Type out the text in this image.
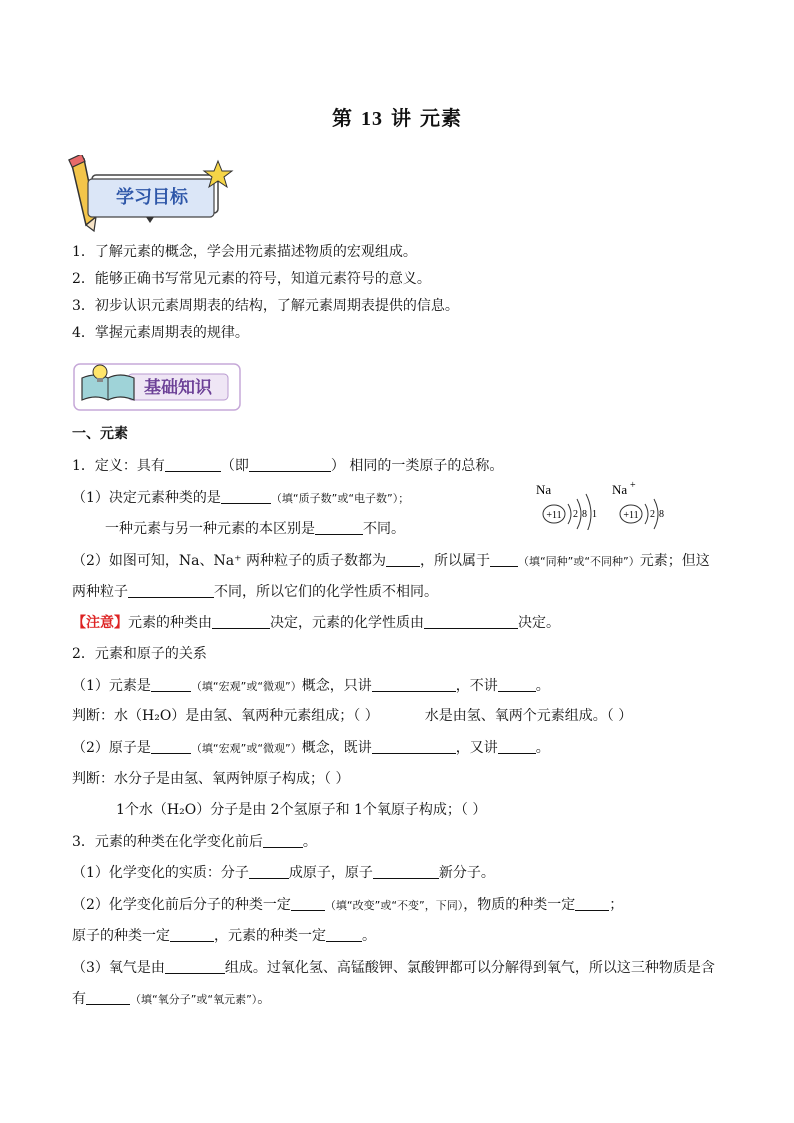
第 13 讲 元素
学习目标
1．了解元素的概念，学会用元素描述物质的宏观组成。
2．能够正确书写常见元素的符号，知道元素符号的意义。
3．初步认识元素周期表的结构，了解元素周期表提供的信息。
4．掌握元素周期表的规律。
基础知识
一、元素
1．定义：具有	（即	） 相同的一类原子的总称。
（1）决定元素种类的是	（填“质子数”或“电子数”）；
一种元素与另一种元素的本区别是	不同。
（2）如图可知，Na、Na⁺ 两种粒子的质子数都为 ，所以属于	（填“同种”或“不同种”）元素；但这
两种粒子	不同，所以它们的化学性质不相同。
【注意】元素的种类由	决定，元素的化学性质由	决定。
2．元素和原子的关系
（1）元素是	（填“宏观”或“微观”）概念，只讲	，不讲	。
判断：水（H₂O）是由氢、氧两种元素组成；（ ）	水是由氢、氧两个元素组成。（ ）
（2）原子是	（填“宏观”或“微观”）概念，既讲	，又讲	。
判断：水分子是由氢、氧两钟原子构成；（ ）
1个水（H₂O）分子是由 2个氢原子和 1个氧原子构成；（ ）
3．元素的种类在化学变化前后	。
（1）化学变化的实质：分子	成原子，原子	新分子。
（2）化学变化前后分子的种类一定	（填“改变”或“不变”，下同），物质的种类一定 ；
原子的种类一定	，元素的种类一定	。
（3）氧气是由	组成。过氧化氢、高锰酸钾、氯酸钾都可以分解得到氧气，所以这三种物质是含
有	（填“氧分子”或“氧元素”）。
Na
+11 2 8 1
Na +
+11 2 8
